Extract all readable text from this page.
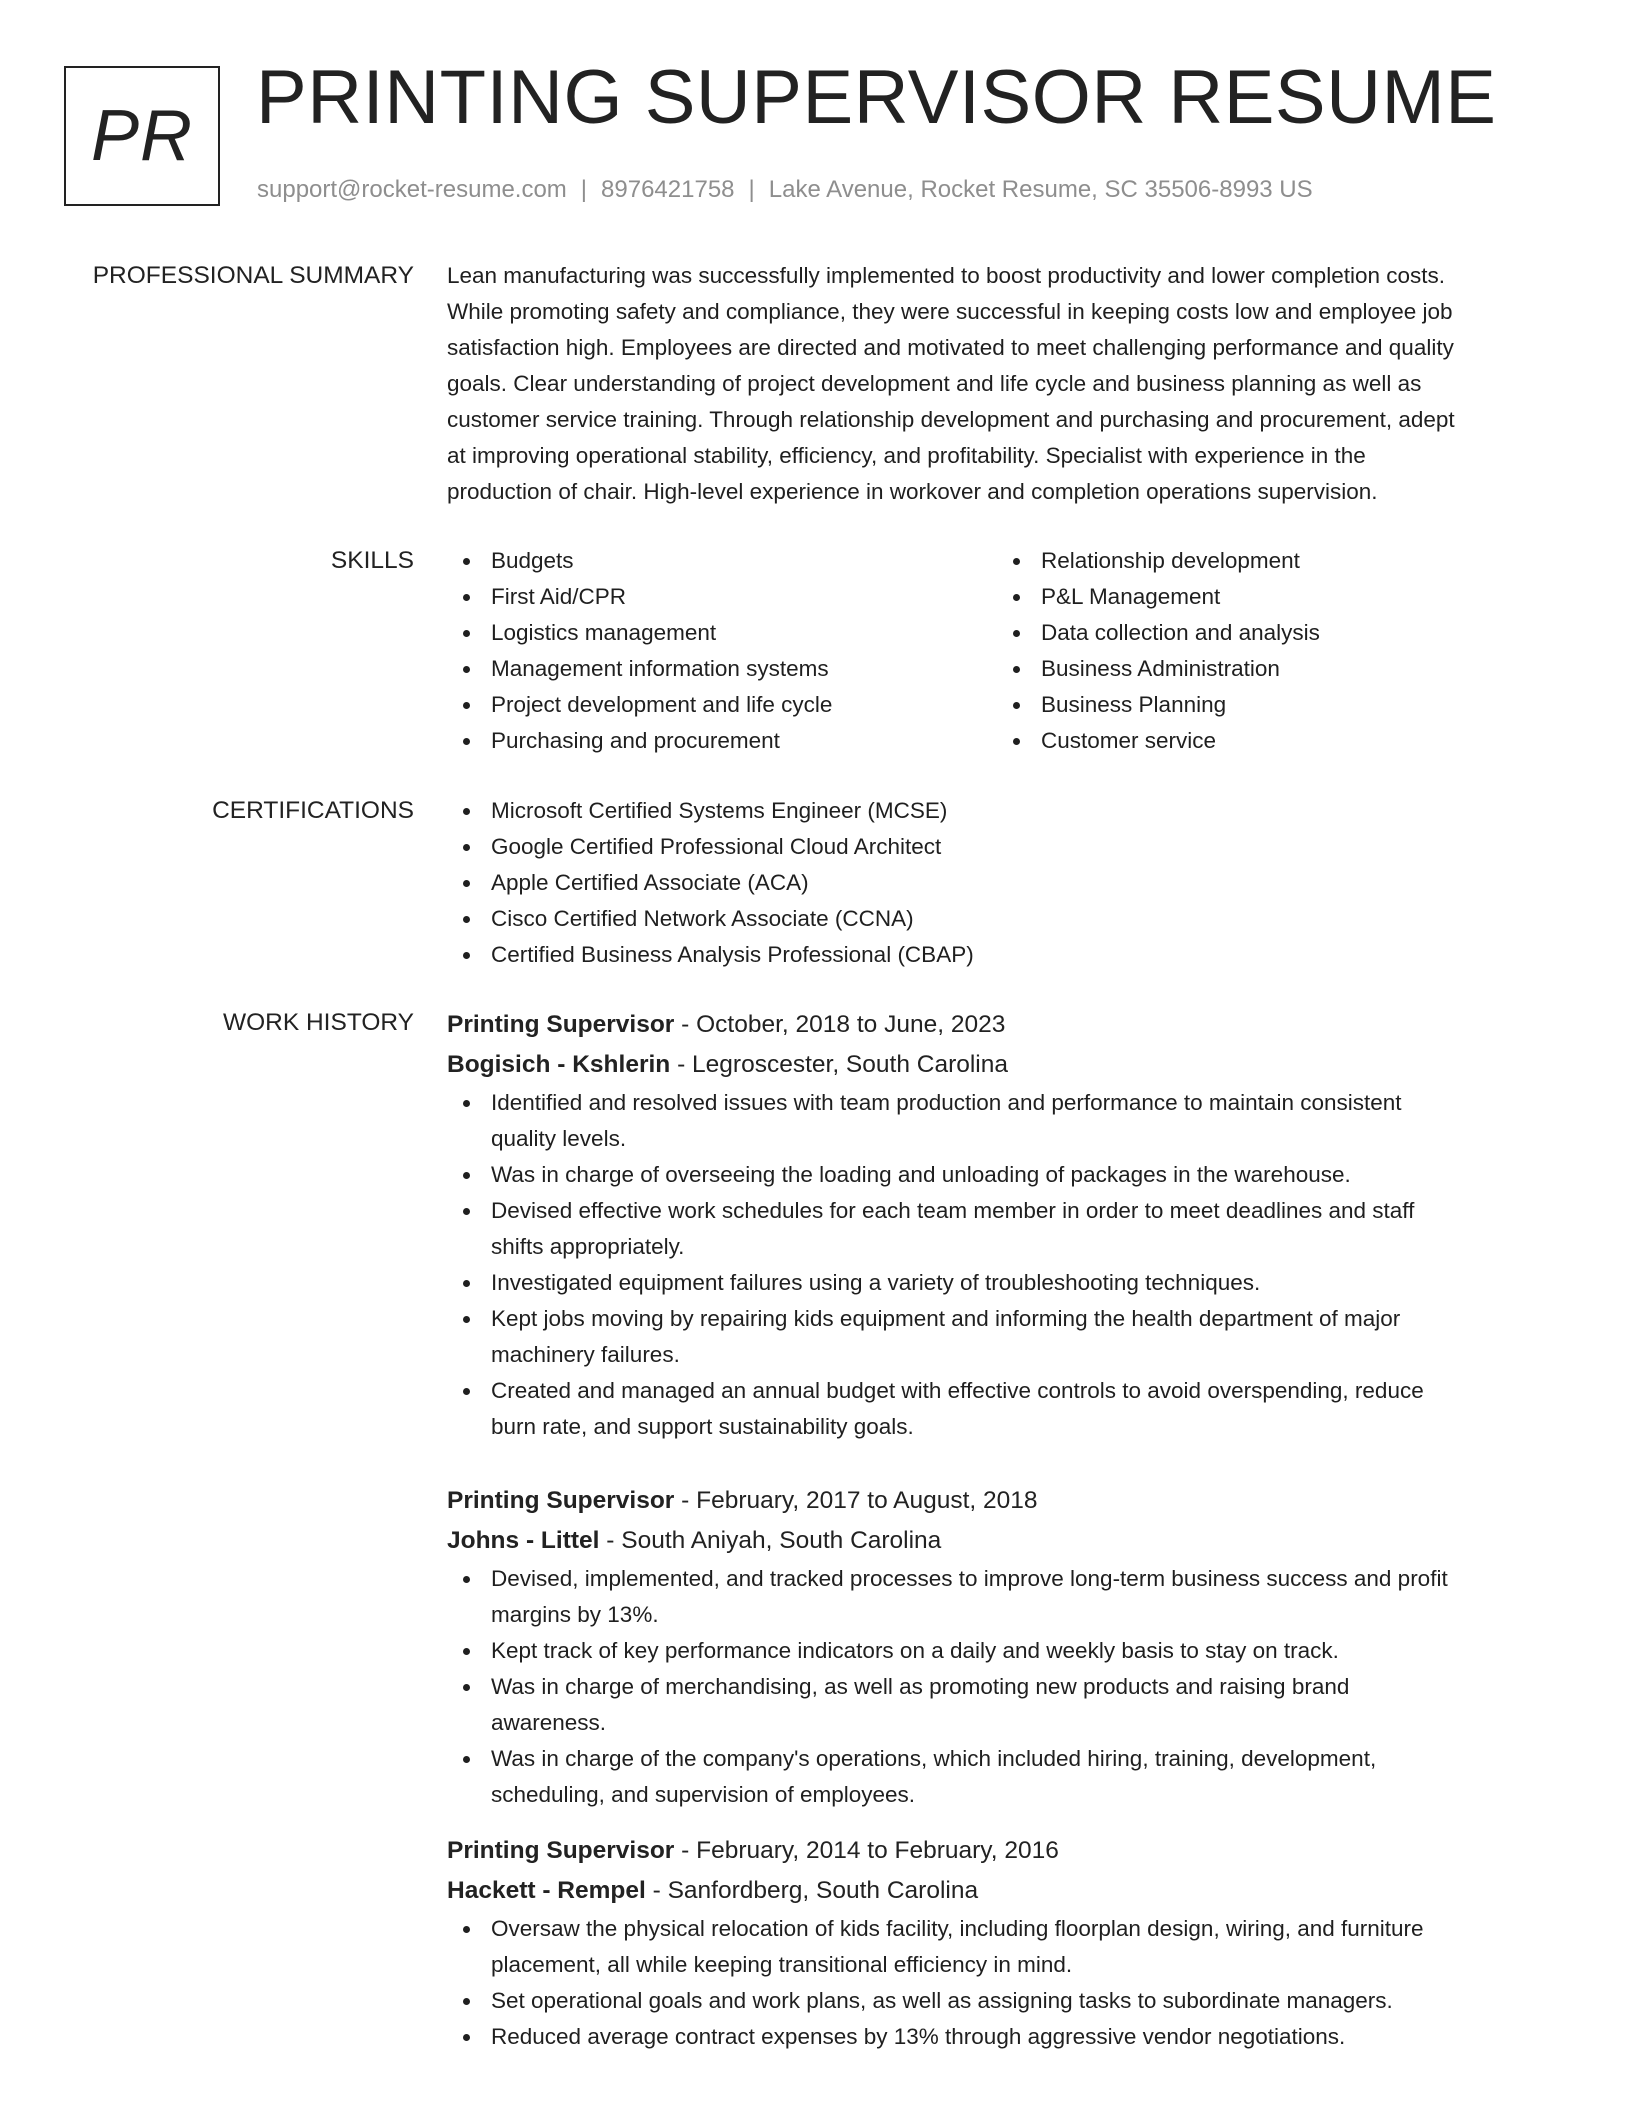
PR PRINTING SUPERVISOR RESUME
support@rocket-resume.com | 8976421758 | Lake Avenue, Rocket Resume, SC 35506-8993 US
PROFESSIONAL SUMMARY Lean manufacturing was successfully implemented to boost productivity and lower completion costs.

While promoting safety and compliance, they were successful in keeping costs low and employee job

satisfaction high. Employees are directed and motivated to meet challenging performance and quality

goals. Clear understanding of project development and life cycle and business planning as well as

customer service training. Through relationship development and purchasing and procurement, adept

at improving operational stability, efficiency, and profitability. Specialist with experience in the

production of chair. High-level experience in workover and completion operations supervision.

SKILLS	Budgets
First Aid/CPR
Logistics management
Management information systems
Project development and life cycle
Purchasing and procurement
Relationship development
P&L Management
Data collection and analysis
Business Administration
Business Planning
Customer service
CERTIFICATIONS	Microsoft Certified Systems Engineer (MCSE)
Google Certified Professional Cloud Architect
Apple Certified Associate (ACA)
Cisco Certified Network Associate (CCNA)
Certified Business Analysis Professional (CBAP)
WORK HISTORY Printing Supervisor - October, 2018 to June, 2023
Bogisich - Kshlerin - Legroscester, South Carolina
Identified and resolved issues with team production and performance to maintain consistent
quality levels.
Was in charge of overseeing the loading and unloading of packages in the warehouse.
Devised effective work schedules for each team member in order to meet deadlines and staff
shifts appropriately.
Investigated equipment failures using a variety of troubleshooting techniques.
Kept jobs moving by repairing kids equipment and informing the health department of major
machinery failures.
Created and managed an annual budget with effective controls to avoid overspending, reduce
burn rate, and support sustainability goals.
Printing Supervisor - February, 2017 to August, 2018
Johns - Littel - South Aniyah, South Carolina
Devised, implemented, and tracked processes to improve long-term business success and profit
margins by 13%.
Kept track of key performance indicators on a daily and weekly basis to stay on track.
Was in charge of merchandising, as well as promoting new products and raising brand
awareness.
Was in charge of the company's operations, which included hiring, training, development,
scheduling, and supervision of employees.
Printing Supervisor - February, 2014 to February, 2016
Hackett - Rempel - Sanfordberg, South Carolina
Oversaw the physical relocation of kids facility, including floorplan design, wiring, and furniture
placement, all while keeping transitional efficiency in mind.
Set operational goals and work plans, as well as assigning tasks to subordinate managers.
Reduced average contract expenses by 13% through aggressive vendor negotiations.
